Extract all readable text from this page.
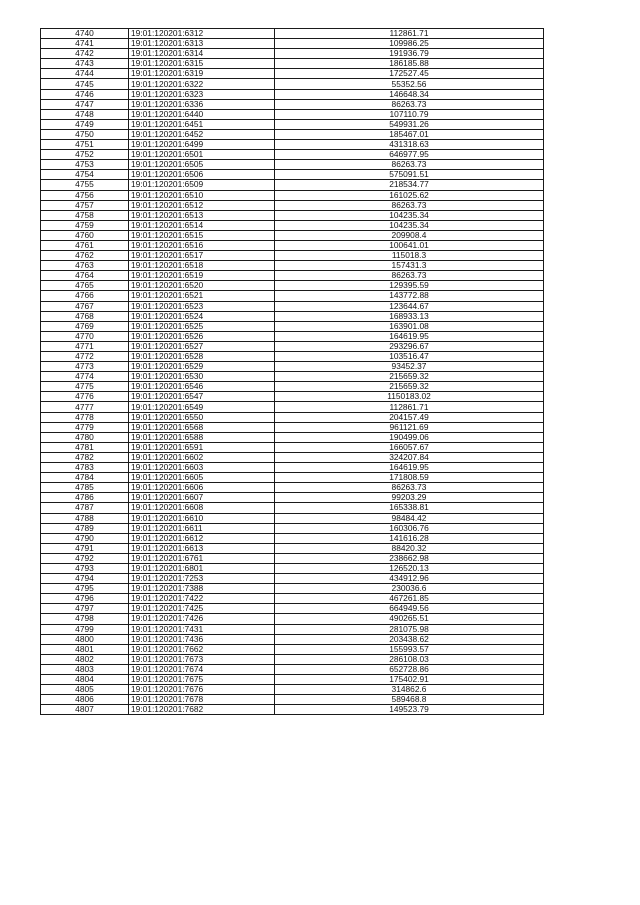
4740	19:01:120201:6312	112861.71
4741	19:01:120201:6313	109986.25
4742	19:01:120201:6314	191936.79
4743	19:01:120201:6315	186185.88
4744	19:01:120201:6319	172527.45
4745	19:01:120201:6322	55352.56
4746	19:01:120201:6323	146648.34
4747	19:01:120201:6336	86263.73
4748	19:01:120201:6440	107110.79
4749	19:01:120201:6451	549931.26
4750	19:01:120201:6452	185467.01
4751	19:01:120201:6499	431318.63
4752	19:01:120201:6501	646977.95
4753	19:01:120201:6505	86263.73
4754	19:01:120201:6506	575091.51
4755	19:01:120201:6509	218534.77
4756	19:01:120201:6510	161025.62
4757	19:01:120201:6512	86263.73
4758	19:01:120201:6513	104235.34
4759	19:01:120201:6514	104235.34
4760	19:01:120201:6515	209908.4
4761	19:01:120201:6516	100641.01
4762	19:01:120201:6517	115018.3
4763	19:01:120201:6518	157431.3
4764	19:01:120201:6519	86263.73
4765	19:01:120201:6520	129395.59
4766	19:01:120201:6521	143772.88
4767	19:01:120201:6523	123644.67
4768	19:01:120201:6524	168933.13
4769	19:01:120201:6525	163901.08
4770	19:01:120201:6526	164619.95
4771	19:01:120201:6527	293296.67
4772	19:01:120201:6528	103516.47
4773	19:01:120201:6529	93452.37
4774	19:01:120201:6530	215659.32
4775	19:01:120201:6546	215659.32
4776	19:01:120201:6547	1150183.02
4777	19:01:120201:6549	112861.71
4778	19:01:120201:6550	204157.49
4779	19:01:120201:6568	961121.69
4780	19:01:120201:6588	190499.06
4781	19:01:120201:6591	166057.67
4782	19:01:120201:6602	324207.84
4783	19:01:120201:6603	164619.95
4784	19:01:120201:6605	171808.59
4785	19:01:120201:6606	86263.73
4786	19:01:120201:6607	99203.29
4787	19:01:120201:6608	165338.81
4788	19:01:120201:6610	98484.42
4789	19:01:120201:6611	160306.76
4790	19:01:120201:6612	141616.28
4791	19:01:120201:6613	88420.32
4792	19:01:120201:6761	238662.98
4793	19:01:120201:6801	126520.13
4794	19:01:120201:7253	434912.96
4795	19:01:120201:7388	230036.6
4796	19:01:120201:7422	467261.85
4797	19:01:120201:7425	664949.56
4798	19:01:120201:7426	490265.51
4799	19:01:120201:7431	281075.98
4800	19:01:120201:7436	203438.62
4801	19:01:120201:7662	155993.57
4802	19:01:120201:7673	286108.03
4803	19:01:120201:7674	652728.86
4804	19:01:120201:7675	175402.91
4805	19:01:120201:7676	314862.6
4806	19:01:120201:7678	589468.8
4807	19:01:120201:7682	149523.79
